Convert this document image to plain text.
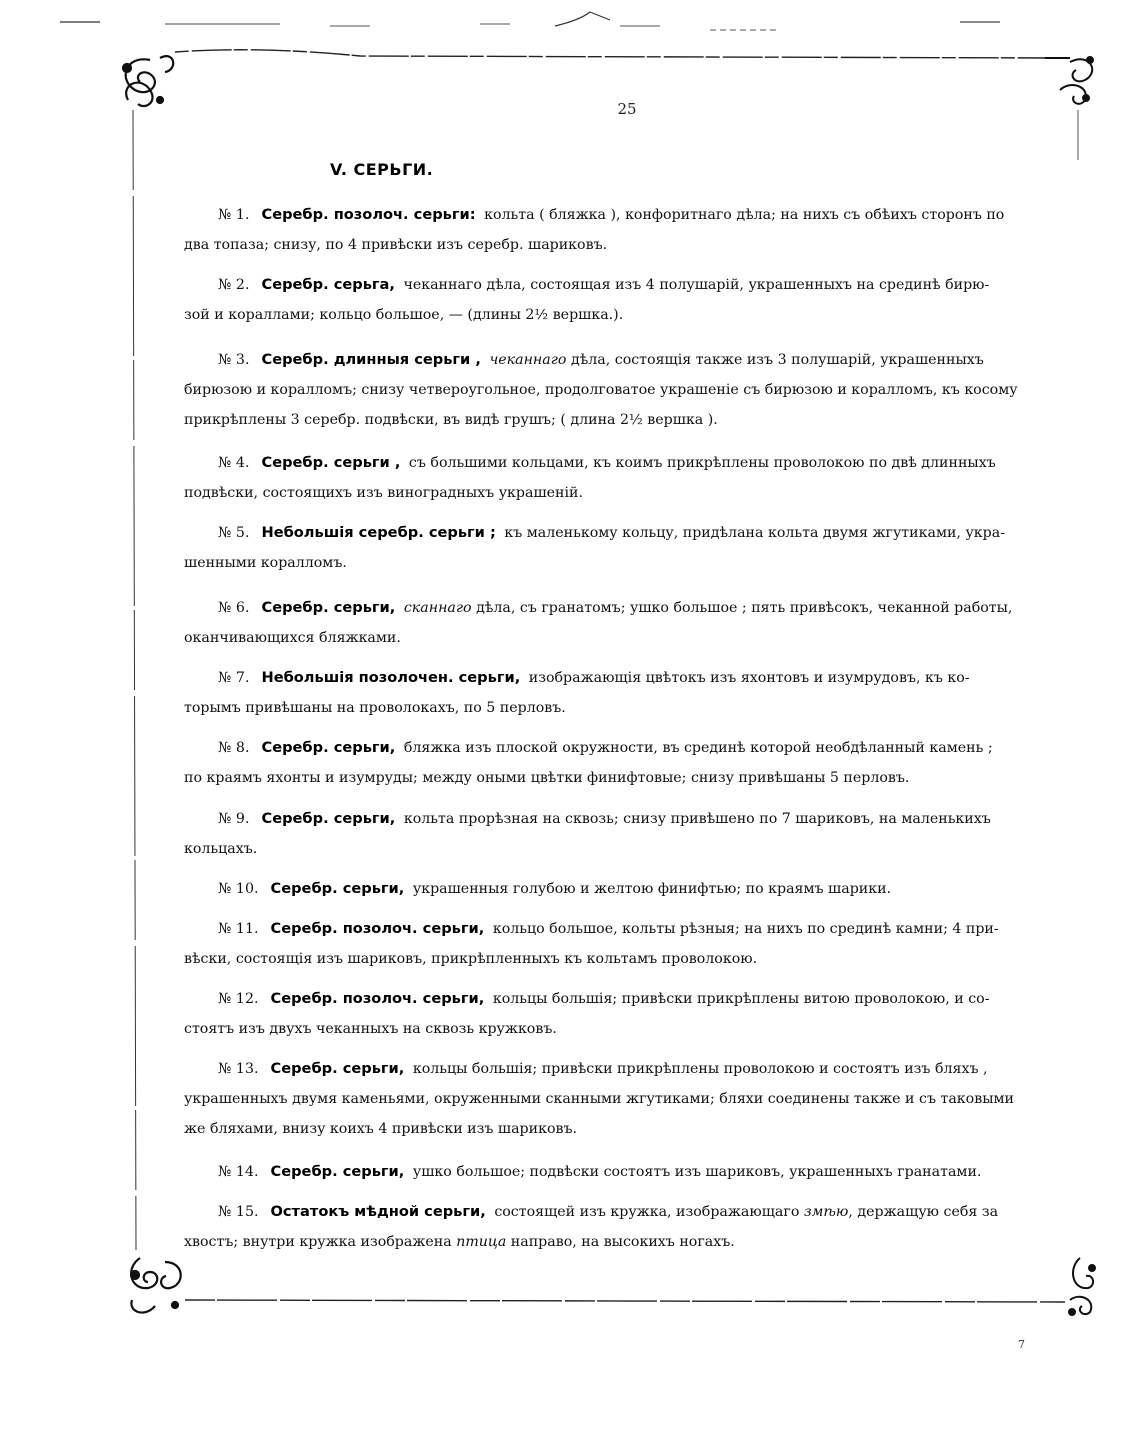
25
V. СЕРЬГИ.
№ 1. Серебр. позолоч. серьги: кольта ( бляжка ), конфоритнаго дѣла; на нихъ съ обѣихъ сторонъ по
два топаза; снизу, по 4 привѣски изъ серебр. шариковъ.
№ 2. Серебр. серьга, чеканнаго дѣла, состоящая изъ 4 полушарій, украшенныхъ на срединѣ бирю-
зой и кораллами; кольцо большое, — (длины 2½ вершка.).
№ 3. Серебр. длинныя серьги , чеканнаго дѣла, состоящія также изъ 3 полушарій, украшенныхъ
бирюзою и коралломъ; снизу четвероугольное, продолговатое украшеніе съ бирюзою и коралломъ, къ косому
прикрѣплены 3 серебр. подвѣски, въ видѣ грушъ; ( длина 2½ вершка ).
№ 4. Серебр. серьги , съ большими кольцами, къ коимъ прикрѣплены проволокою по двѣ длинныхъ
подвѣски, состоящихъ изъ виноградныхъ украшеній.
№ 5. Небольшія серебр. серьги ; къ маленькому кольцу, придѣлана кольта двумя жгутиками, укра-
шенными коралломъ.
№ 6. Серебр. серьги, сканнаго дѣла, съ гранатомъ; ушко большое ; пять привѣсокъ, чеканной работы,
оканчивающихся бляжками.
№ 7. Небольшія позолочен. серьги, изображающія цвѣтокъ изъ яхонтовъ и изумрудовъ, къ ко-
торымъ привѣшаны на проволокахъ, по 5 перловъ.
№ 8. Серебр. серьги, бляжка изъ плоской окружности, въ срединѣ которой необдѣланный камень ;
по краямъ яхонты и изумруды; между оными цвѣтки финифтовые; снизу привѣшаны 5 перловъ.
№ 9. Серебр. серьги, кольта прорѣзная на сквозь; снизу привѣшено по 7 шариковъ, на маленькихъ
кольцахъ.
№ 10. Серебр. серьги, украшенныя голубою и желтою финифтью; по краямъ шарики.
№ 11. Серебр. позолоч. серьги, кольцо большое, кольты рѣзныя; на нихъ по срединѣ камни; 4 при-
вѣски, состоящія изъ шариковъ, прикрѣпленныхъ къ кольтамъ проволокою.
№ 12. Серебр. позолоч. серьги, кольцы большія; привѣски прикрѣплены витою проволокою, и со-
стоятъ изъ двухъ чеканныхъ на сквозь кружковъ.
№ 13. Серебр. серьги, кольцы большія; привѣски прикрѣплены проволокою и состоятъ изъ бляхъ ,
украшенныхъ двумя каменьями, окруженными сканными жгутиками; бляхи соединены также и съ таковыми
же бляхами, внизу коихъ 4 привѣски изъ шариковъ.
№ 14. Серебр. серьги, ушко большое; подвѣски состоятъ изъ шариковъ, украшенныхъ гранатами.
№ 15. Остатокъ мѣдной серьги, состоящей изъ кружка, изображающаго змѣю, держащую себя за
хвостъ; внутри кружка изображена птица направо, на высокихъ ногахъ.
7
